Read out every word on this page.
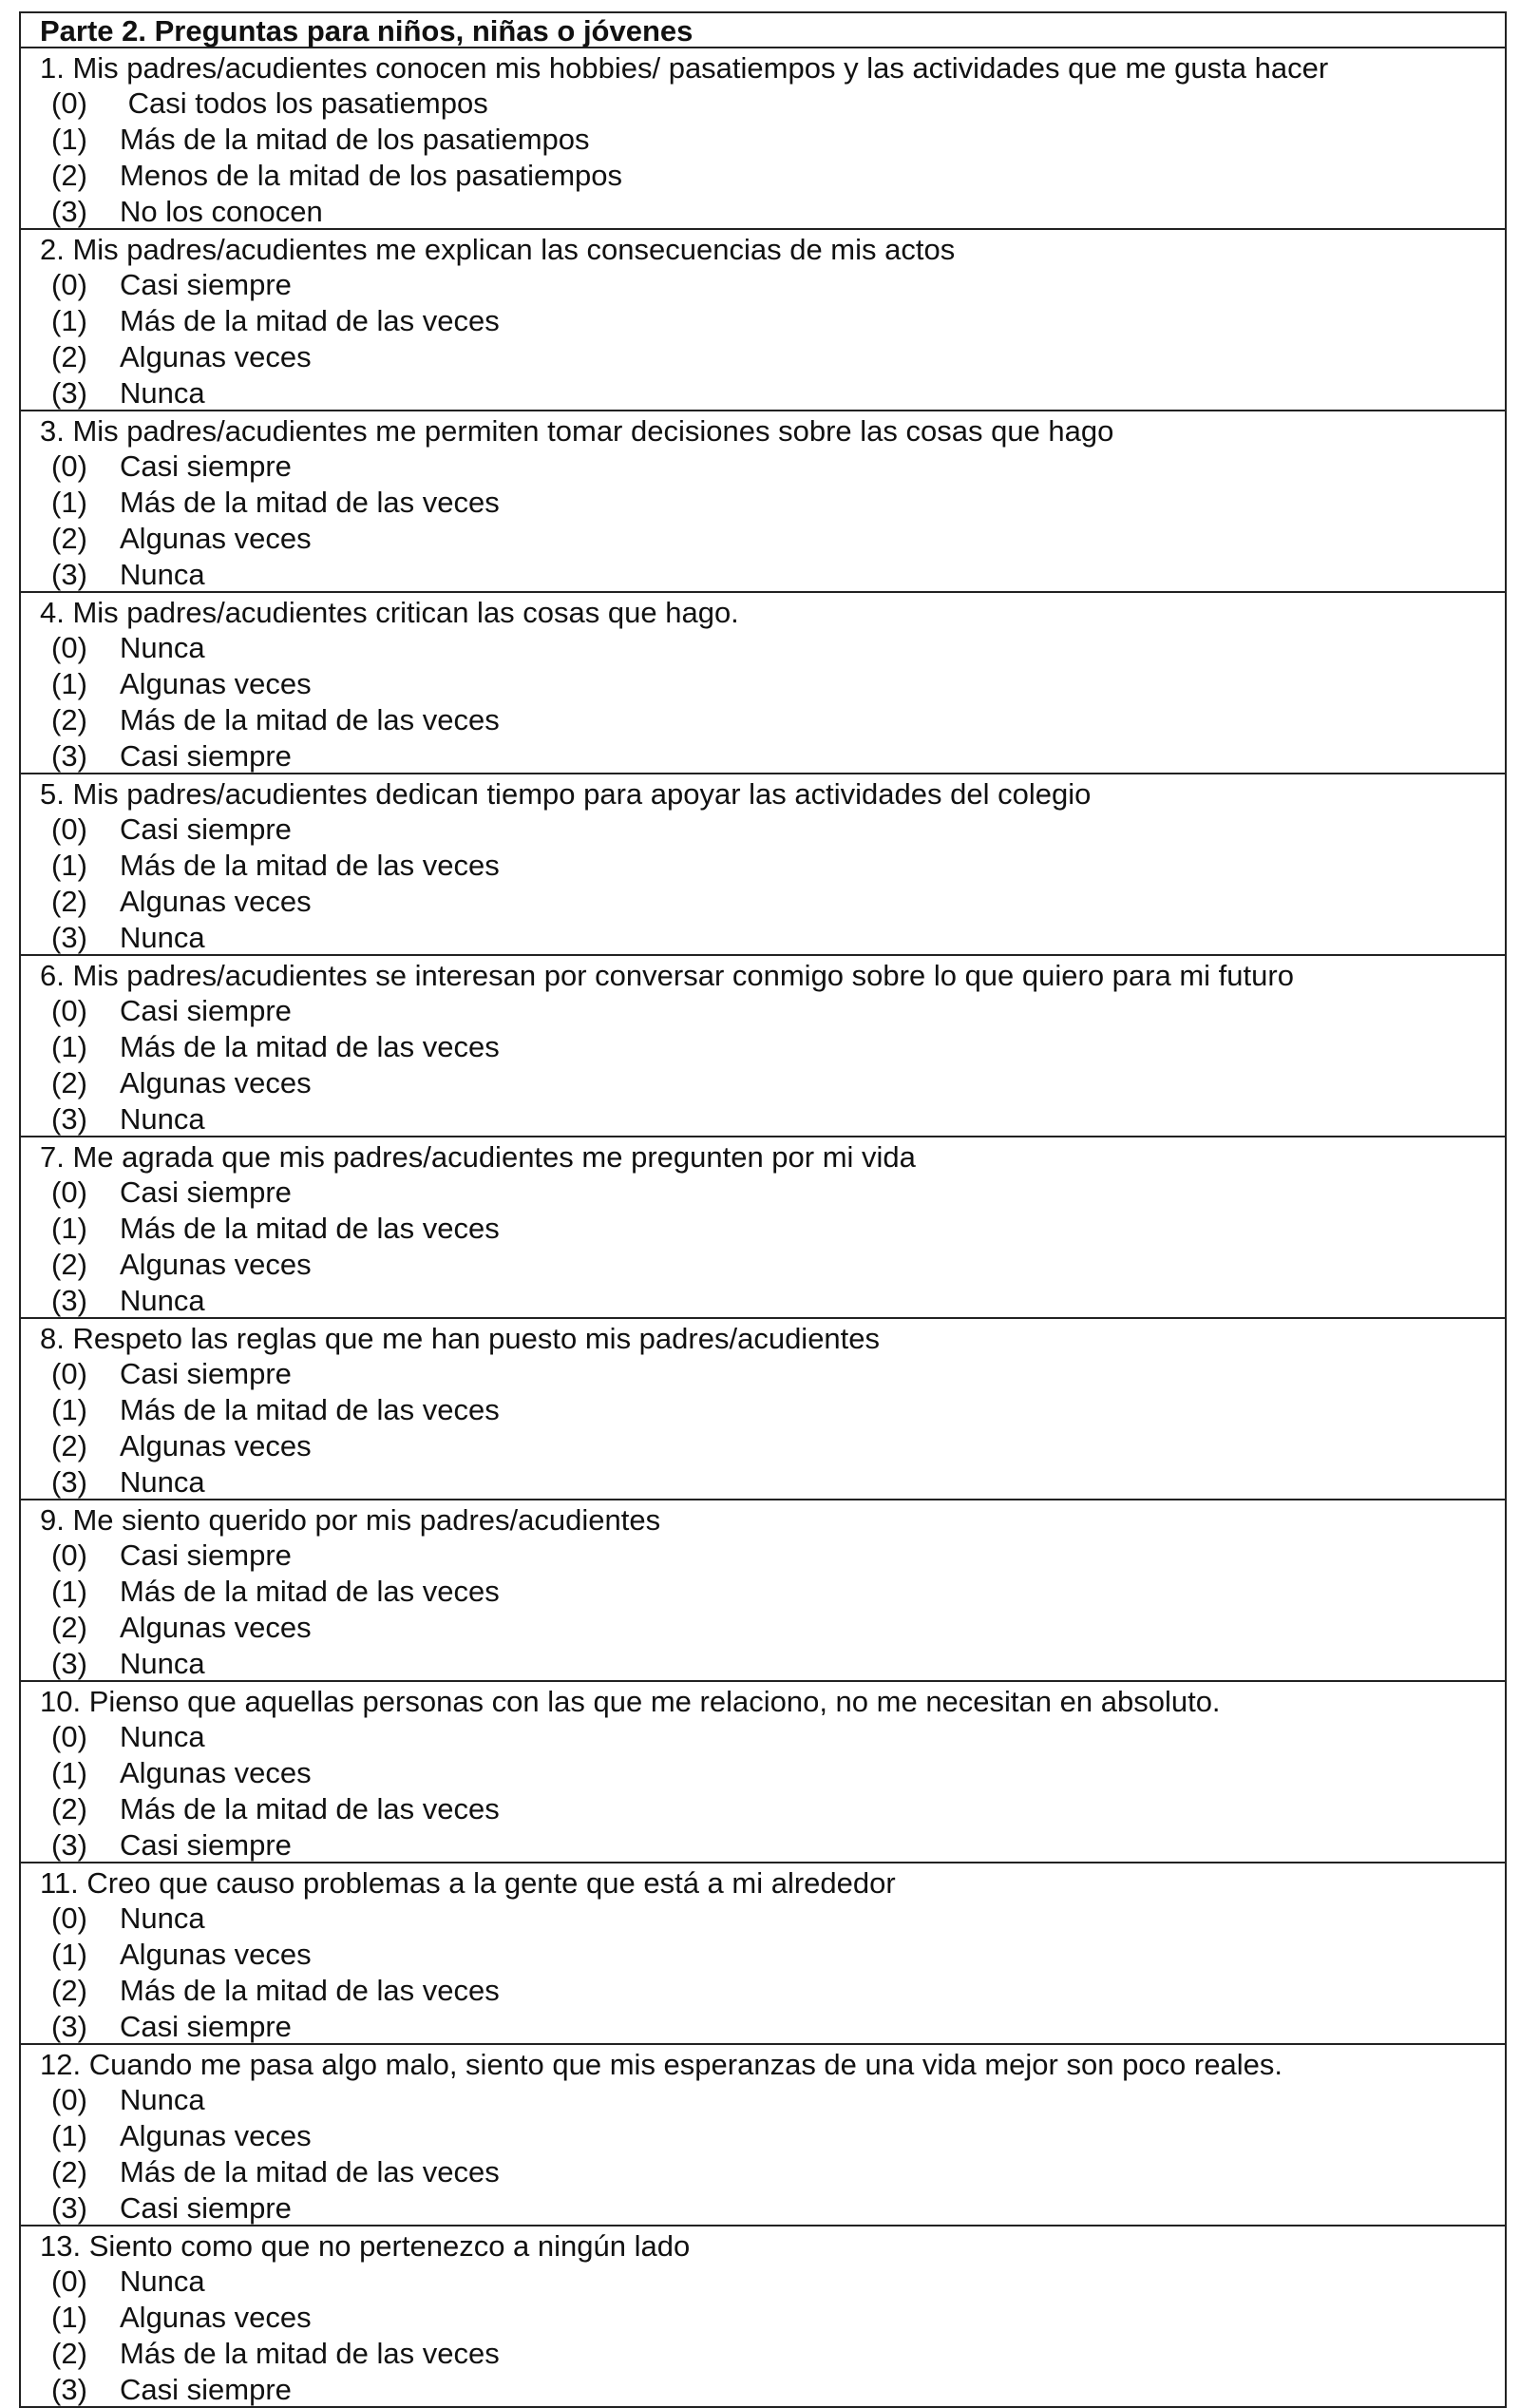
Parte 2. Preguntas para niños, niñas o jóvenes
1. Mis padres/acudientes conocen mis hobbies/ pasatiempos y las actividades que me gusta hacer
(0) Casi todos los pasatiempos
(1) Más de la mitad de los pasatiempos
(2) Menos de la mitad de los pasatiempos
(3) No los conocen
2. Mis padres/acudientes me explican las consecuencias de mis actos
(0) Casi siempre
(1) Más de la mitad de las veces
(2) Algunas veces
(3) Nunca
3. Mis padres/acudientes me permiten tomar decisiones sobre las cosas que hago
(0) Casi siempre
(1) Más de la mitad de las veces
(2) Algunas veces
(3) Nunca
4. Mis padres/acudientes critican las cosas que hago.
(0) Nunca
(1) Algunas veces
(2) Más de la mitad de las veces
(3) Casi siempre
5. Mis padres/acudientes dedican tiempo para apoyar las actividades del colegio
(0) Casi siempre
(1) Más de la mitad de las veces
(2) Algunas veces
(3) Nunca
6. Mis padres/acudientes se interesan por conversar conmigo sobre lo que quiero para mi futuro
(0) Casi siempre
(1) Más de la mitad de las veces
(2) Algunas veces
(3) Nunca
7. Me agrada que mis padres/acudientes me pregunten por mi vida
(0) Casi siempre
(1) Más de la mitad de las veces
(2) Algunas veces
(3) Nunca
8. Respeto las reglas que me han puesto mis padres/acudientes
(0) Casi siempre
(1) Más de la mitad de las veces
(2) Algunas veces
(3) Nunca
9. Me siento querido por mis padres/acudientes
(0) Casi siempre
(1) Más de la mitad de las veces
(2) Algunas veces
(3) Nunca
10. Pienso que aquellas personas con las que me relaciono, no me necesitan en absoluto.
(0) Nunca
(1) Algunas veces
(2) Más de la mitad de las veces
(3) Casi siempre
11. Creo que causo problemas a la gente que está a mi alrededor
(0) Nunca
(1) Algunas veces
(2) Más de la mitad de las veces
(3) Casi siempre
12. Cuando me pasa algo malo, siento que mis esperanzas de una vida mejor son poco reales.
(0) Nunca
(1) Algunas veces
(2) Más de la mitad de las veces
(3) Casi siempre
13. Siento como que no pertenezco a ningún lado
(0) Nunca
(1) Algunas veces
(2) Más de la mitad de las veces
(3) Casi siempre
